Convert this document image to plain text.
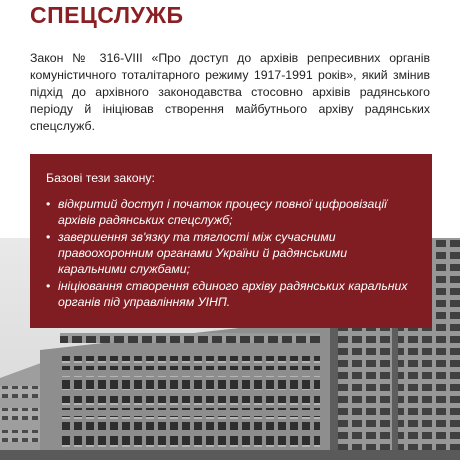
СПЕЦСЛУЖБ

Закон № 316-VIII «Про доступ до архівів репресивних органів комуністичного тоталітарного режиму 1917-1991 років», який змінив підхід до архівного законодавства стосовно архівів радянського періоду й ініціював створення майбутнього архіву радянських спецслужб.

Базові тези закону:
• відкритий доступ і початок процесу повної цифровізації архівів радянських спецслужб;
• завершення зв'язку та тяглості між сучасними правоохоронним органами України й радянськими каральними службами;
• ініціювання створення єдиного архіву радянських каральних органів під управлінням УІНП.
